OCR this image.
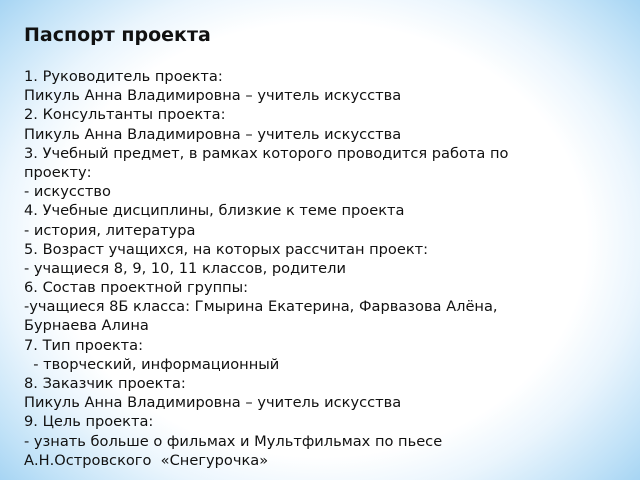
Паспорт проекта
1. Руководитель проекта:
Пикуль Анна Владимировна – учитель искусства
2. Консультанты проекта:
Пикуль Анна Владимировна – учитель искусства
3. Учебный предмет, в рамках которого проводится работа по
проекту:
- искусство
4. Учебные дисциплины, близкие к теме проекта
- история, литература
5. Возраст учащихся, на которых рассчитан проект:
- учащиеся 8, 9, 10, 11 классов, родители
6. Состав проектной группы:
-учащиеся 8Б класса: Гмырина Екатерина, Фарвазова Алёна,
Бурнаева Алина
7. Тип проекта:
- творческий, информационный
8. Заказчик проекта:
Пикуль Анна Владимировна – учитель искусства
9. Цель проекта:
- узнать больше о фильмах и Мультфильмах по пьесе
А.Н.Островского  «Снегурочка»
